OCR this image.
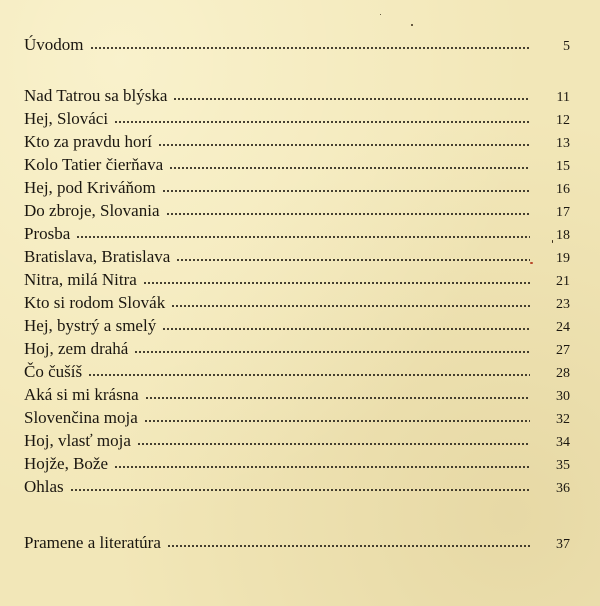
Úvodom	5
Nad Tatrou sa blýska	11
Hej, Slováci	12
Kto za pravdu horí	13
Kolo Tatier čierňava	15
Hej, pod Kriváňom	16
Do zbroje, Slovania	17
Prosba	18
Bratislava, Bratislava	19
Nitra, milá Nitra	21
Kto si rodom Slovák	23
Hej, bystrý a smelý	24
Hoj, zem drahá	27
Čo čušíš	28
Aká si mi krásna	30
Slovenčina moja	32
Hoj, vlasť moja	34
Hojže, Bože	35
Ohlas	36
Pramene a literatúra	37
